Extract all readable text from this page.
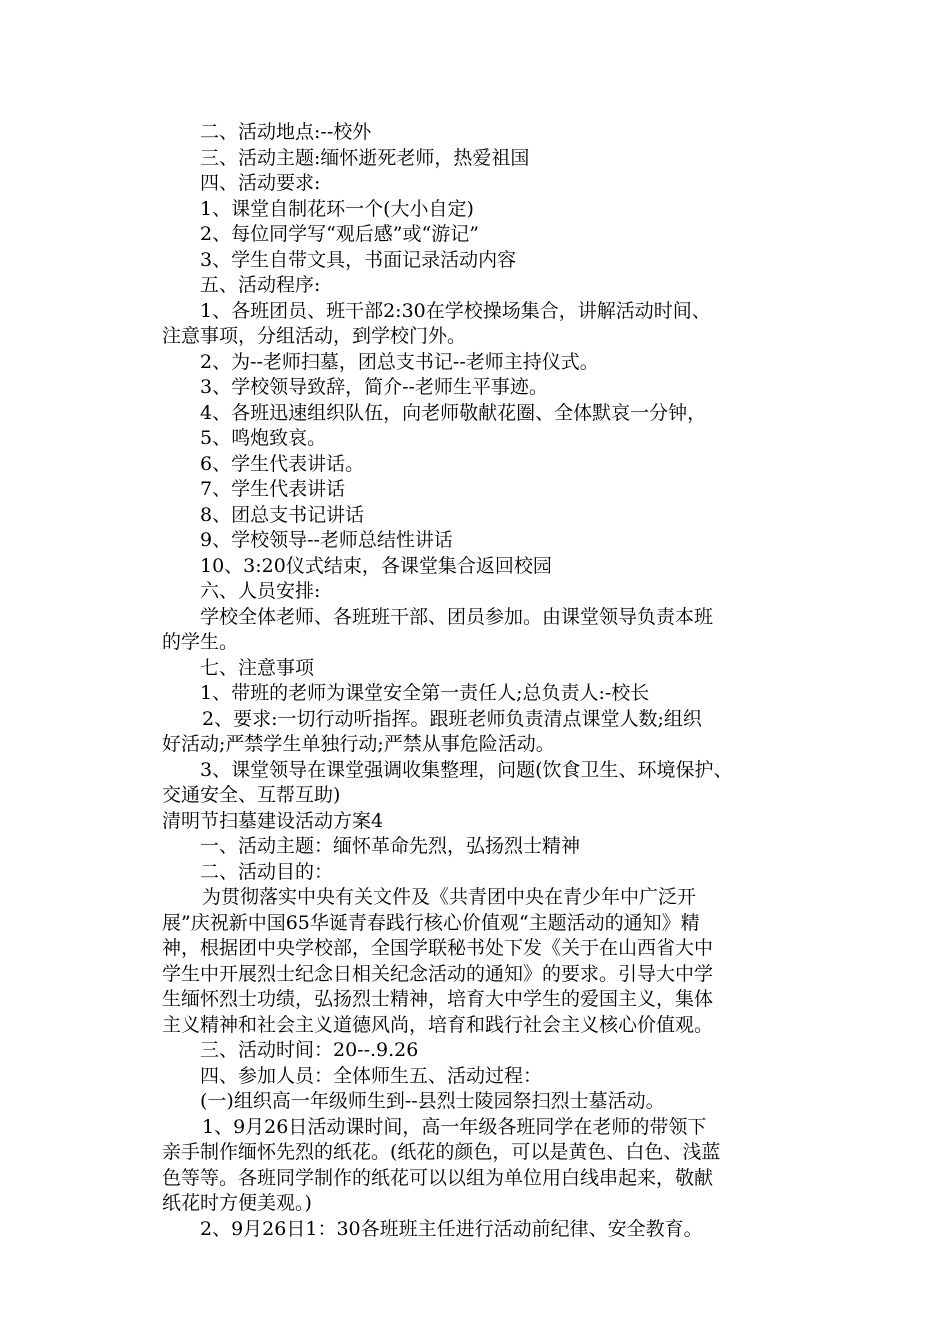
二、活动地点:--校外
三、活动主题:缅怀逝死老师，热爱祖国
四、活动要求:
1、课堂自制花环一个(大小自定)
2、每位同学写“观后感”或“游记”
3、学生自带文具，书面记录活动内容
五、活动程序:
1、各班团员、班干部2:30在学校操场集合，讲解活动时间、
注意事项，分组活动，到学校门外。
2、为--老师扫墓，团总支书记--老师主持仪式。
3、学校领导致辞，简介--老师生平事迹。
4、各班迅速组织队伍，向老师敬献花圈、全体默哀一分钟，
5、鸣炮致哀。
6、学生代表讲话。
7、学生代表讲话
8、团总支书记讲话
9、学校领导--老师总结性讲话
10、3:20仪式结束，各课堂集合返回校园
六、人员安排:
学校全体老师、各班班干部、团员参加。由课堂领导负责本班
的学生。
七、注意事项
1、带班的老师为课堂安全第一责任人;总负责人:-校长
2、要求:一切行动听指挥。跟班老师负责清点课堂人数;组织
好活动;严禁学生单独行动;严禁从事危险活动。
3、课堂领导在课堂强调收集整理，问题(饮食卫生、环境保护、
交通安全、互帮互助)
清明节扫墓建设活动方案4
一、活动主题：缅怀革命先烈，弘扬烈士精神
二、活动目的：
为贯彻落实中央有关文件及《共青团中央在青少年中广泛开
展”庆祝新中国65华诞青春践行核心价值观“主题活动的通知》精
神，根据团中央学校部，全国学联秘书处下发《关于在山西省大中
学生中开展烈士纪念日相关纪念活动的通知》的要求。引导大中学
生缅怀烈士功绩，弘扬烈士精神，培育大中学生的爱国主义，集体
主义精神和社会主义道德风尚，培育和践行社会主义核心价值观。
三、活动时间：20--.9.26
四、参加人员：全体师生五、活动过程：
(一)组织高一年级师生到--县烈士陵园祭扫烈士墓活动。
1、9月26日活动课时间，高一年级各班同学在老师的带领下
亲手制作缅怀先烈的纸花。(纸花的颜色，可以是黄色、白色、浅蓝
色等等。各班同学制作的纸花可以以组为单位用白线串起来，敬献
纸花时方便美观。)
2、9月26日1：30各班班主任进行活动前纪律、安全教育。
